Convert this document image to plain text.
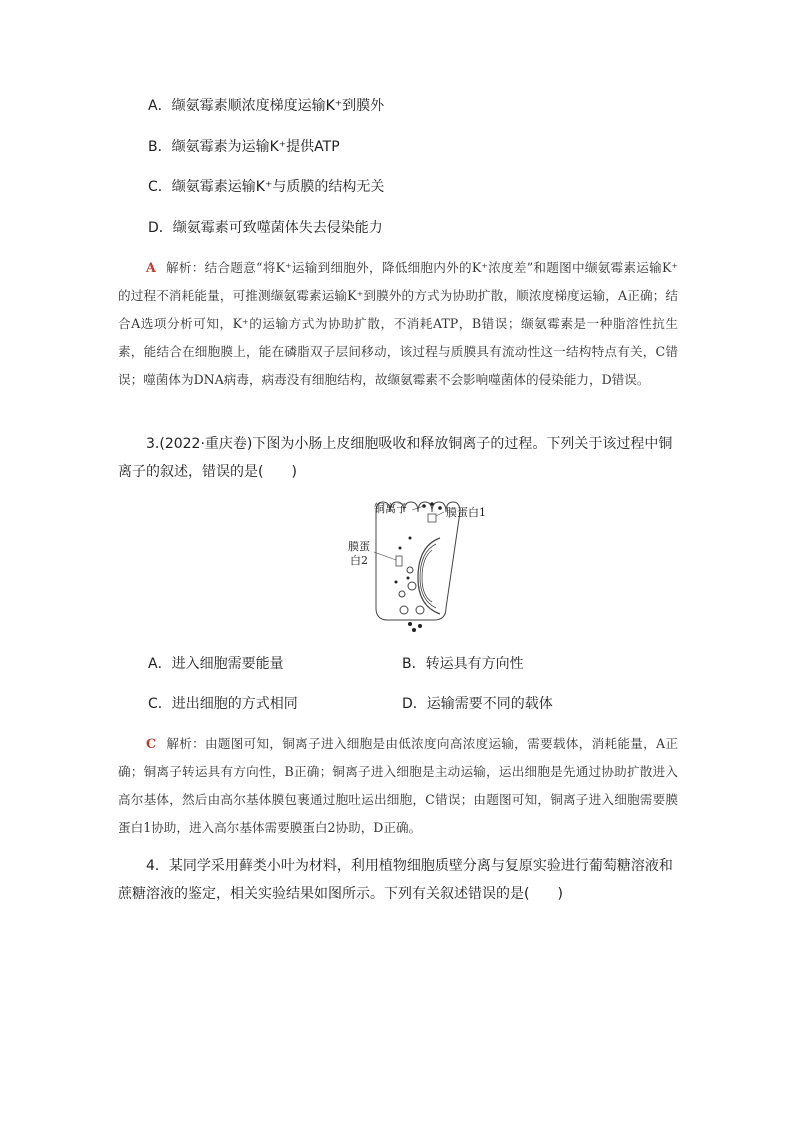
A．缬氨霉素顺浓度梯度运输K⁺到膜外
B．缬氨霉素为运输K⁺提供ATP
C．缬氨霉素运输K⁺与质膜的结构无关
D．缬氨霉素可致噬菌体失去侵染能力
A 解析：结合题意“将K⁺运输到细胞外，降低细胞内外的K⁺浓度差”和题图中缬氨霉素运输K⁺的过程不消耗能量，可推测缬氨霉素运输K⁺到膜外的方式为协助扩散，顺浓度梯度运输，A正确；结合A选项分析可知，K⁺的运输方式为协助扩散，不消耗ATP，B错误；缬氨霉素是一种脂溶性抗生素，能结合在细胞膜上，能在磷脂双子层间移动，该过程与质膜具有流动性这一结构特点有关，C错误；噬菌体为DNA病毒，病毒没有细胞结构，故缬氨霉素不会影响噬菌体的侵染能力，D错误。
3.(2022·重庆卷)下图为小肠上皮细胞吸收和释放铜离子的过程。下列关于该过程中铜离子的叙述，错误的是(　　)
铜离子	膜蛋白1
膜蛋
白2
A．进入细胞需要能量	B．转运具有方向性
C．进出细胞的方式相同	D．运输需要不同的载体
C 解析：由题图可知，铜离子进入细胞是由低浓度向高浓度运输，需要载体，消耗能量，A正确；铜离子转运具有方向性，B正确；铜离子进入细胞是主动运输，运出细胞是先通过协助扩散进入高尔基体，然后由高尔基体膜包裹通过胞吐运出细胞，C错误；由题图可知，铜离子进入细胞需要膜蛋白1协助，进入高尔基体需要膜蛋白2协助，D正确。
4．某同学采用藓类小叶为材料，利用植物细胞质壁分离与复原实验进行葡萄糖溶液和蔗糖溶液的鉴定，相关实验结果如图所示。下列有关叙述错误的是(　　)
